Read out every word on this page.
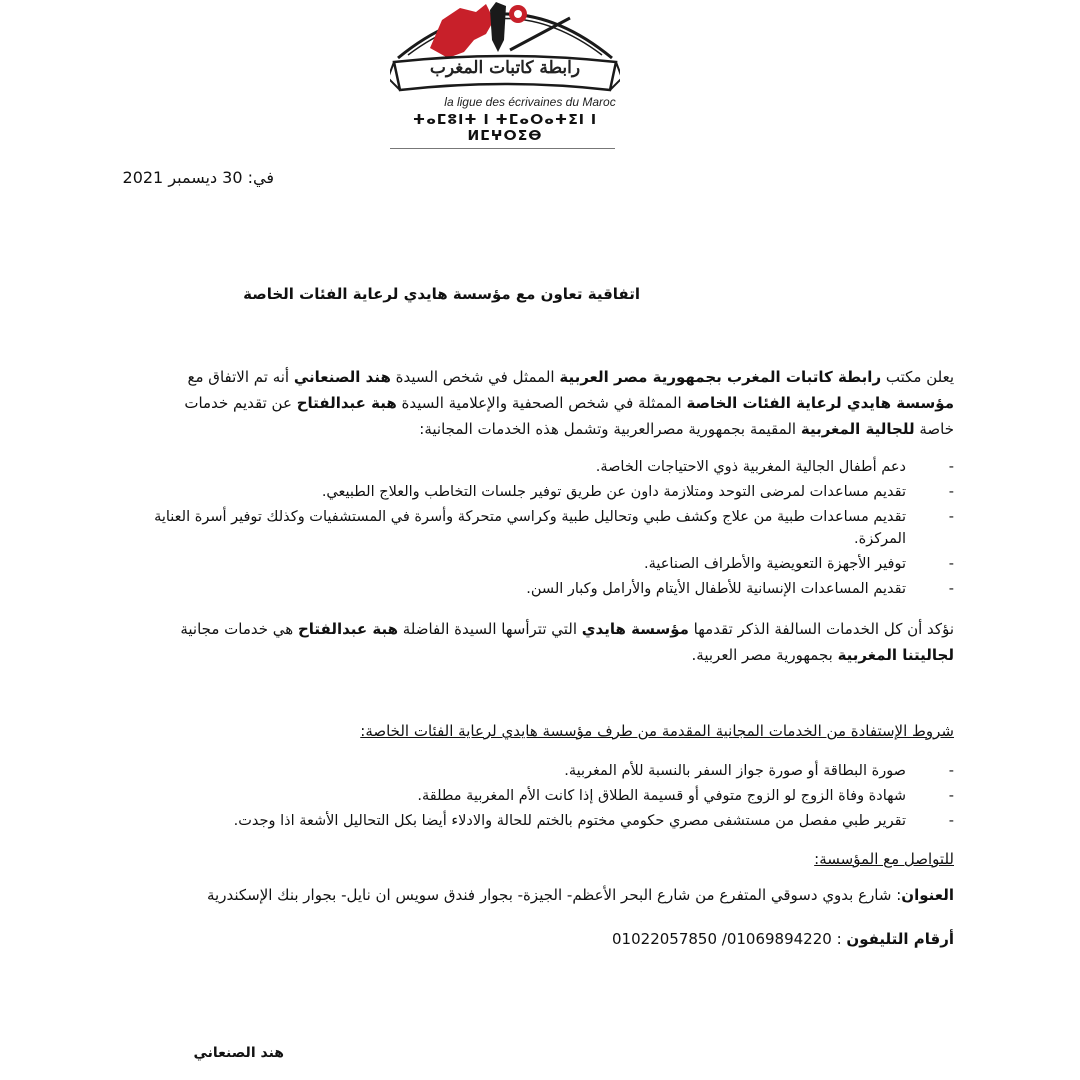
رابطة كاتبات المغرب
la ligue des écrivaines du Maroc
ⵜⴰⵎⵓⵏⵜ ⵏ ⵜⵎⴰⵔⴰⵜⵉⵏ ⵏ ⵍⵎⵖⵔⵉⴱ
في: 30 ديسمبر 2021
اتفاقية تعاون مع مؤسسة هايدي لرعاية الفئات الخاصة
يعلن مكتب رابطة كاتبات المغرب بجمهورية مصر العربية الممثل في شخص السيدة هند الصنعاني أنه تم الاتفاق مع مؤسسة هايدي لرعاية الفئات الخاصة الممثلة في شخص الصحفية والإعلامية السيدة هبة عبدالفتاح عن تقديم خدمات خاصة للجالية المغربية المقيمة بجمهورية مصرالعربية وتشمل هذه الخدمات المجانية:
-
دعم أطفال الجالية المغربية ذوي الاحتياجات الخاصة.
-
تقديم مساعدات لمرضى التوحد ومتلازمة داون عن طريق توفير جلسات التخاطب والعلاج الطبيعي.
-
تقديم مساعدات طبية من علاج وكشف طبي وتحاليل طبية وكراسي متحركة وأسرة في المستشفيات وكذلك توفير أسرة العناية المركزة.
-
توفير الأجهزة التعويضية والأطراف الصناعية.
-
تقديم المساعدات الإنسانية للأطفال الأيتام والأرامل وكبار السن.
نؤكد أن كل الخدمات السالفة الذكر تقدمها مؤسسة هايدي التي تترأسها السيدة الفاضلة هبة عبدالفتاح هي خدمات مجانية لجاليتنا المغربية بجمهورية مصر العربية.
شروط الإستفادة من الخدمات المجانية المقدمة من طرف مؤسسة هايدي لرعاية الفئات الخاصة:
-
صورة البطاقة أو صورة جواز السفر بالنسبة للأم المغربية.
-
شهادة وفاة الزوج لو الزوج متوفي أو قسيمة الطلاق إذا كانت الأم المغربية مطلقة.
-
تقرير طبي مفصل من مستشفى مصري حكومي مختوم بالختم للحالة والادلاء أيضا بكل التحاليل الأشعة اذا وجدت.
للتواصل مع المؤسسة:
العنوان: شارع بدوي دسوقي المتفرع من شارع البحر الأعظم- الجيزة- بجوار فندق سويس ان نايل- بجوار بنك الإسكندرية
أرقام التليفون : 01069894220/ 01022057850
هند الصنعاني
